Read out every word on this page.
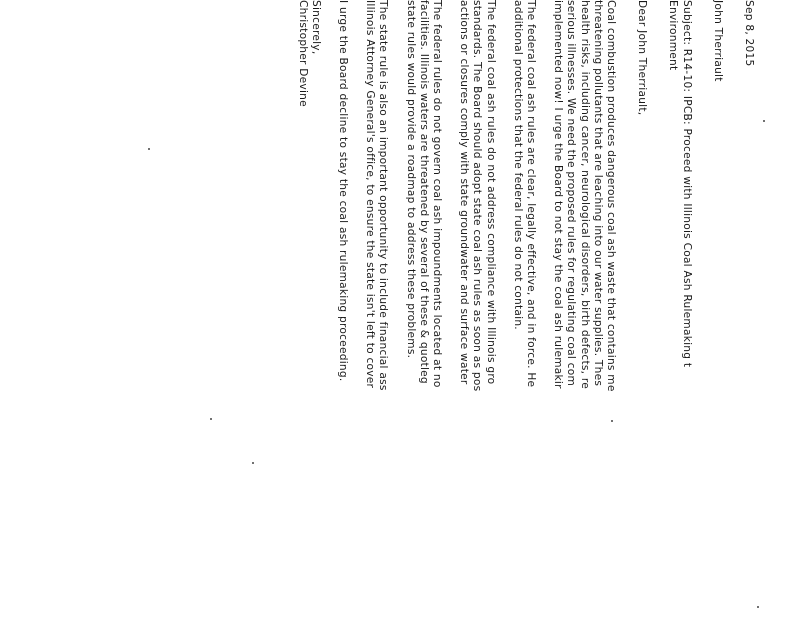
Sep 8, 2015
John Therriault
Subject: R14-10: IPCB: Proceed with Illinois Coal Ash Rulemaking t
Environment
Dear John Therriault,
Coal combustion produces dangerous coal ash waste that contains me
threatening pollutants that are leaching into our water supplies. Thes
health risks, including cancer, neurological disorders, birth defects, re
serious illnesses. We need the proposed rules for regulating coal com
implemented now! I urge the Board to not stay the coal ash rulemakir
The federal coal ash rules are clear, legally effective, and in force. He
additional protections that the federal rules do not contain.
The federal coal ash rules do not address compliance with Illinois gro
standards. The Board should adopt state coal ash rules as soon as pos
actions or closures comply with state groundwater and surface water
The federal rules do not govern coal ash impoundments located at no
facilities. Illinois waters are threatened by several of these & quotleg
state rules would provide a roadmap to address these problems.
The state rule is also an important opportunity to include financial ass
Illinois Attorney General's office, to ensure the state isn't left to cover
I urge the Board decline to stay the coal ash rulemaking proceeding.
Sincerely,
Christopher Devine
